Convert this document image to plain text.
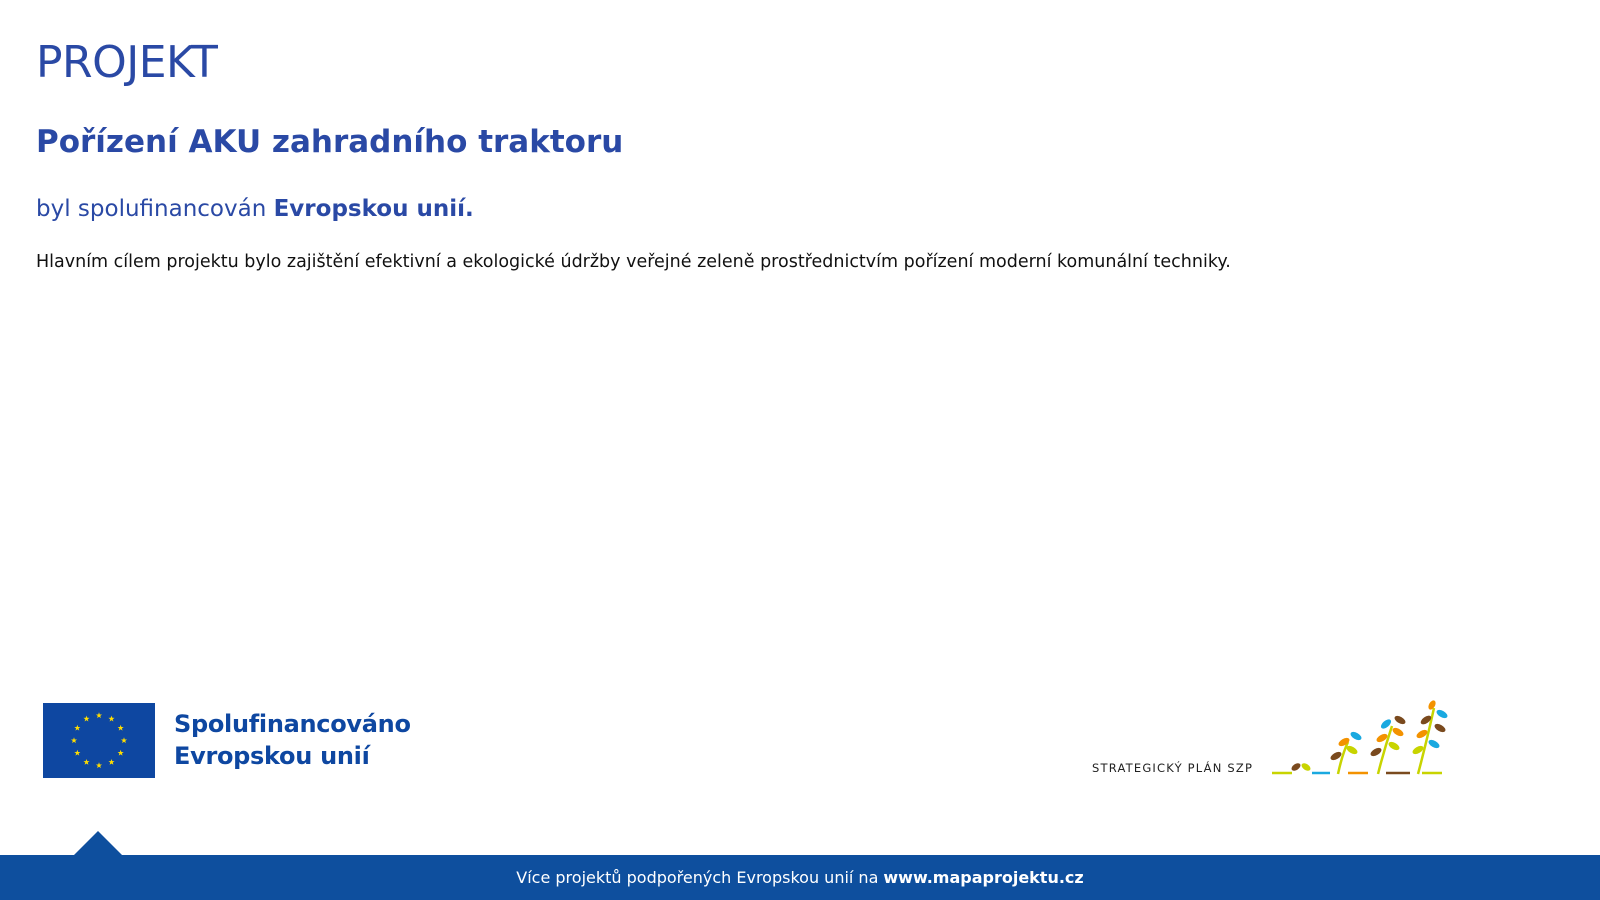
PROJEKT
Pořízení AKU zahradního traktoru

byl spolufinancován Evropskou unií.

Hlavním cílem projektu bylo zajištění efektivní a ekologické údržby veřejné zeleně prostřednictvím pořízení moderní komunální techniky.

Spolufinancováno
Evropskou unií	STRATEGICKÝ PLÁN SZP
Více projektů podpořených Evropskou unií na www.mapaprojektu.cz
